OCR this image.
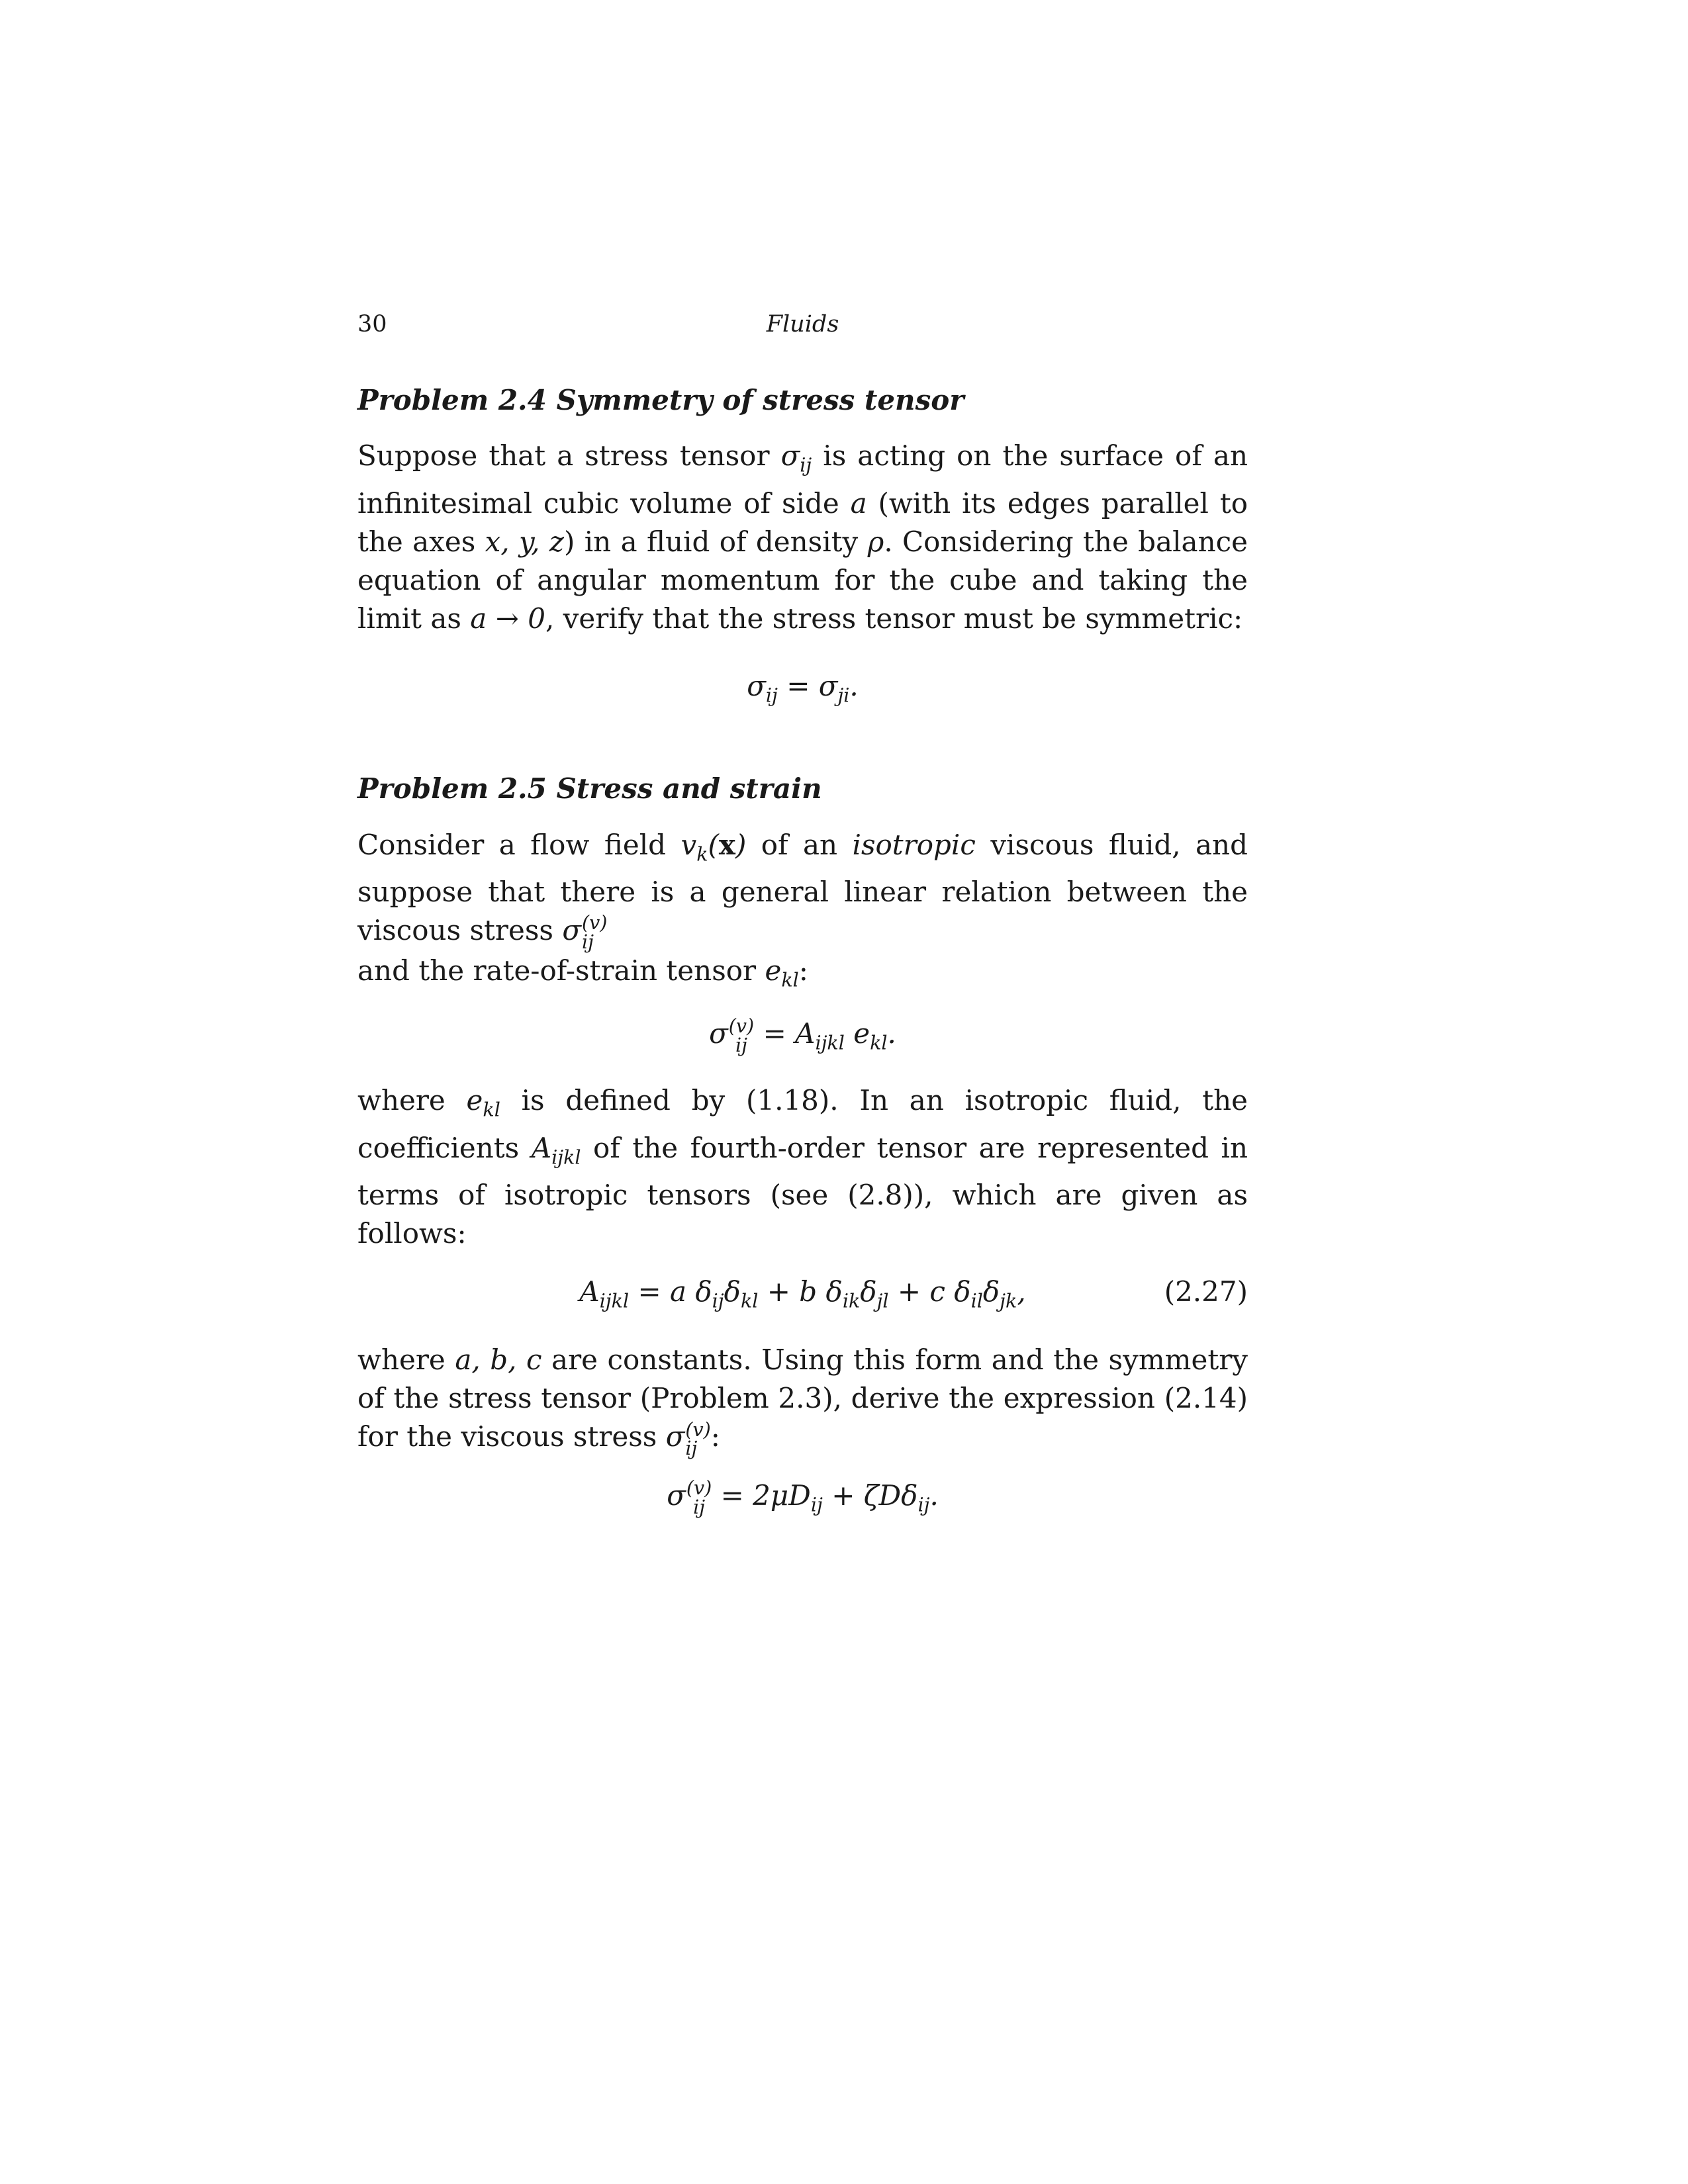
30	Fluids
Problem 2.4 Symmetry of stress tensor

Suppose that a stress tensor $\sigma_{ij}$ is acting on the surface of an infinitesimal cubic volume of side a (with its edges parallel to the axes x, y, z) in a fluid of density ρ. Considering the balance equation of angular momentum for the cube and taking the limit as a → 0, verify that the stress tensor must be symmetric:

$\sigma_{ij} = \sigma_{ji}$.
Problem 2.5 Stress and strain

Consider a flow field $v_k(x)$ of an isotropic viscous fluid, and suppose that there is a general linear relation between the viscous stress σ (v)
ij

and the rate-of-strain tensor $e_{kl}$:

σ (v)
ij = $A_{ijkl}$ $e_{kl}$.

where $e_{kl}$ is defined by (1.18). In an isotropic fluid, the coefficients $A_{ijkl}$ of the fourth-order tensor are represented in terms of isotropic tensors (see (2.8)), which are given as follows:

$A_{ijkl} = a$ $\delta_{ij}\delta_{kl} + b$ $\delta_{ik}\delta_{jl} + c$ $\delta_{il}\delta_{jk}$,	(2.27)

where a, b, c are constants. Using this form and the symmetry of the stress tensor (Problem 2.3), derive the expression (2.14) for the viscous stress σ (v)
ij :

σ (v)
ij = $2\mu D_{ij} + \zeta D\delta_{ij}$.
